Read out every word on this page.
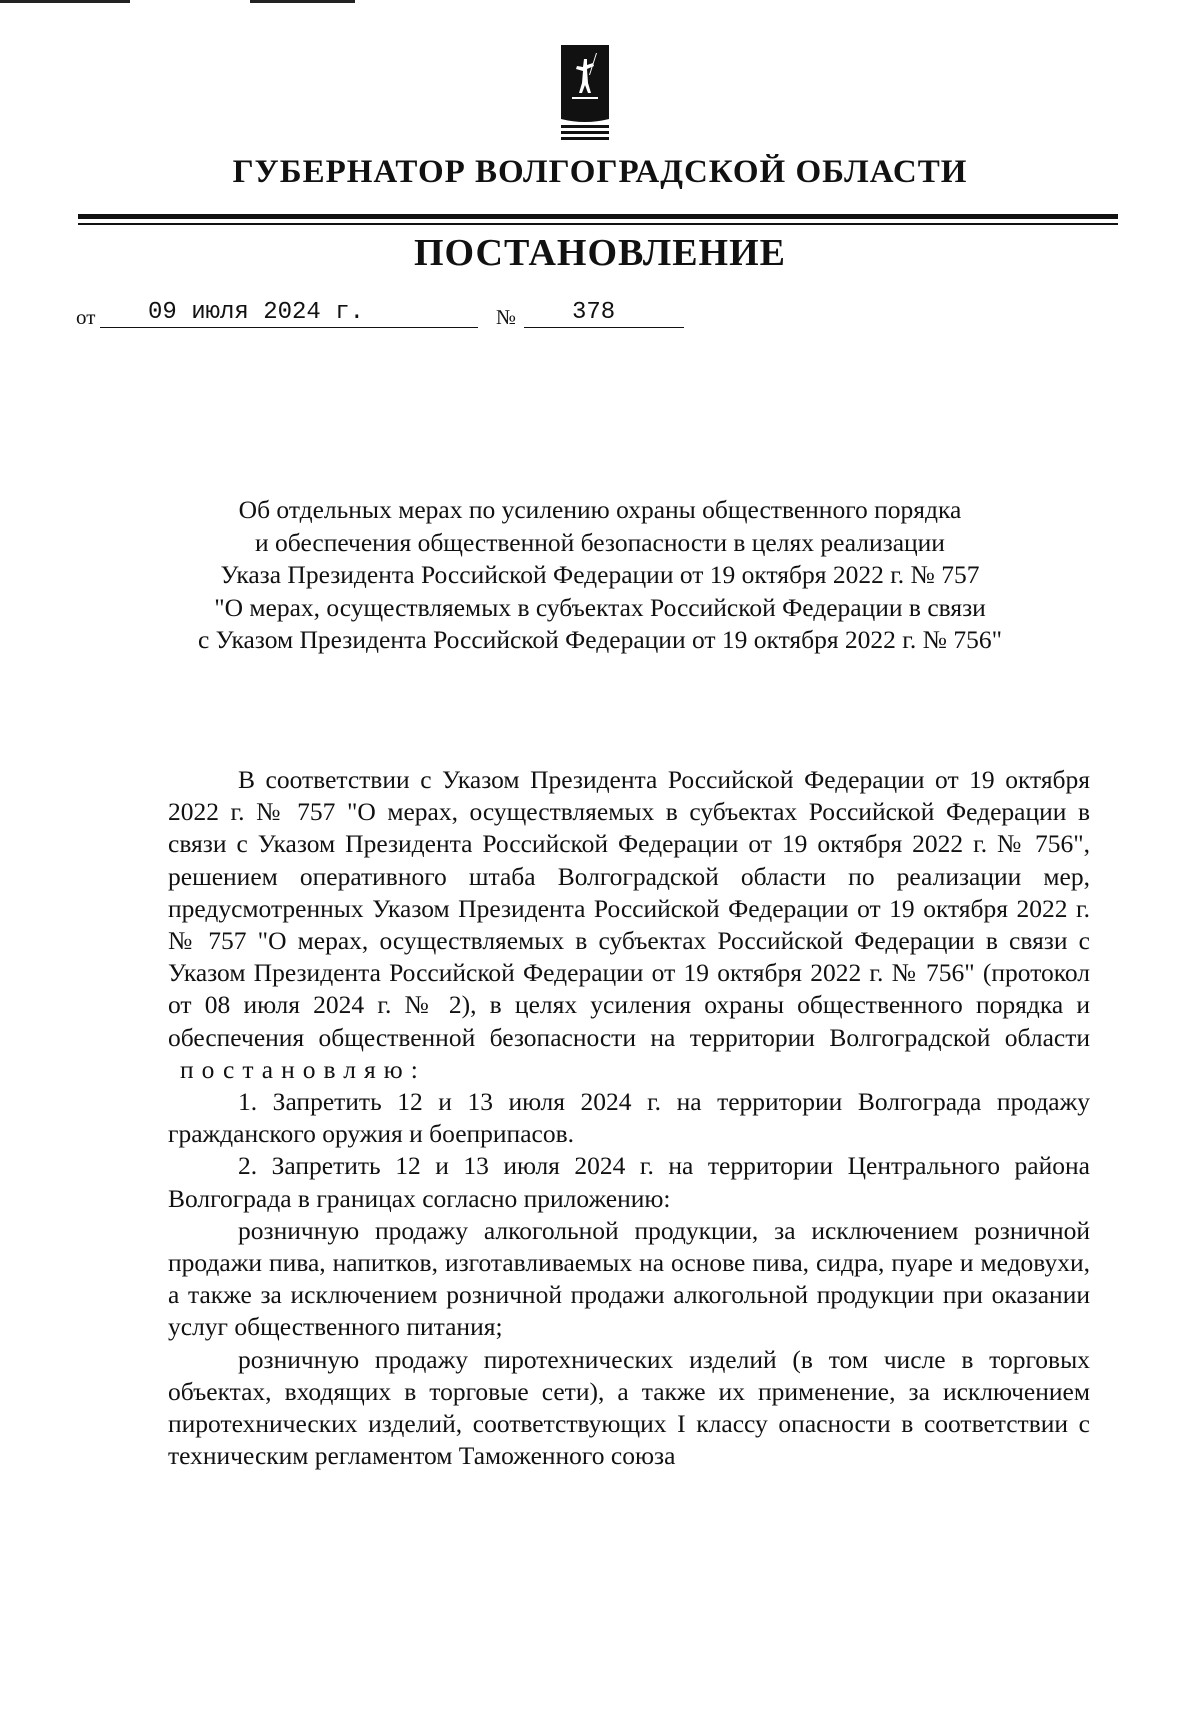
ГУБЕРНАТОР ВОЛГОГРАДСКОЙ ОБЛАСТИ
ПОСТАНОВЛЕНИЕ
от 09 июля 2024 г.	№ 378
Об отдельных мерах по усилению охраны общественного порядка
и обеспечения общественной безопасности в целях реализации
Указа Президента Российской Федерации от 19 октября 2022 г. № 757
"О мерах, осуществляемых в субъектах Российской Федерации в связи
с Указом Президента Российской Федерации от 19 октября 2022 г. № 756"

В соответствии с Указом Президента Российской Федерации от 19 октября 2022 г. № 757 "О мерах, осуществляемых в субъектах Российской Федерации в связи с Указом Президента Российской Федерации от 19 октября 2022 г. № 756", решением оперативного штаба Волгоградской области по реализации мер, предусмотренных Указом Президента Российской Федерации от 19 октября 2022 г. № 757 "О мерах, осуществляемых в субъектах Российской Федерации в связи с Указом Президента Российской Федерации от 19 октября 2022 г. № 756" (протокол от 08 июля 2024 г. № 2), в целях усиления охраны общественного порядка и обеспечения общественной безопасности на территории Волгоградской области постановляю:

1. Запретить 12 и 13 июля 2024 г. на территории Волгограда продажу гражданского оружия и боеприпасов.

2. Запретить 12 и 13 июля 2024 г. на территории Центрального района Волгограда в границах согласно приложению:

розничную продажу алкогольной продукции, за исключением розничной продажи пива, напитков, изготавливаемых на основе пива, сидра, пуаре и медовухи, а также за исключением розничной продажи алкогольной продукции при оказании услуг общественного питания;

розничную продажу пиротехнических изделий (в том числе в торговых объектах, входящих в торговые сети), а также их применение, за исключением пиротехнических изделий, соответствующих I классу опасности в соответствии с техническим регламентом Таможенного союза
